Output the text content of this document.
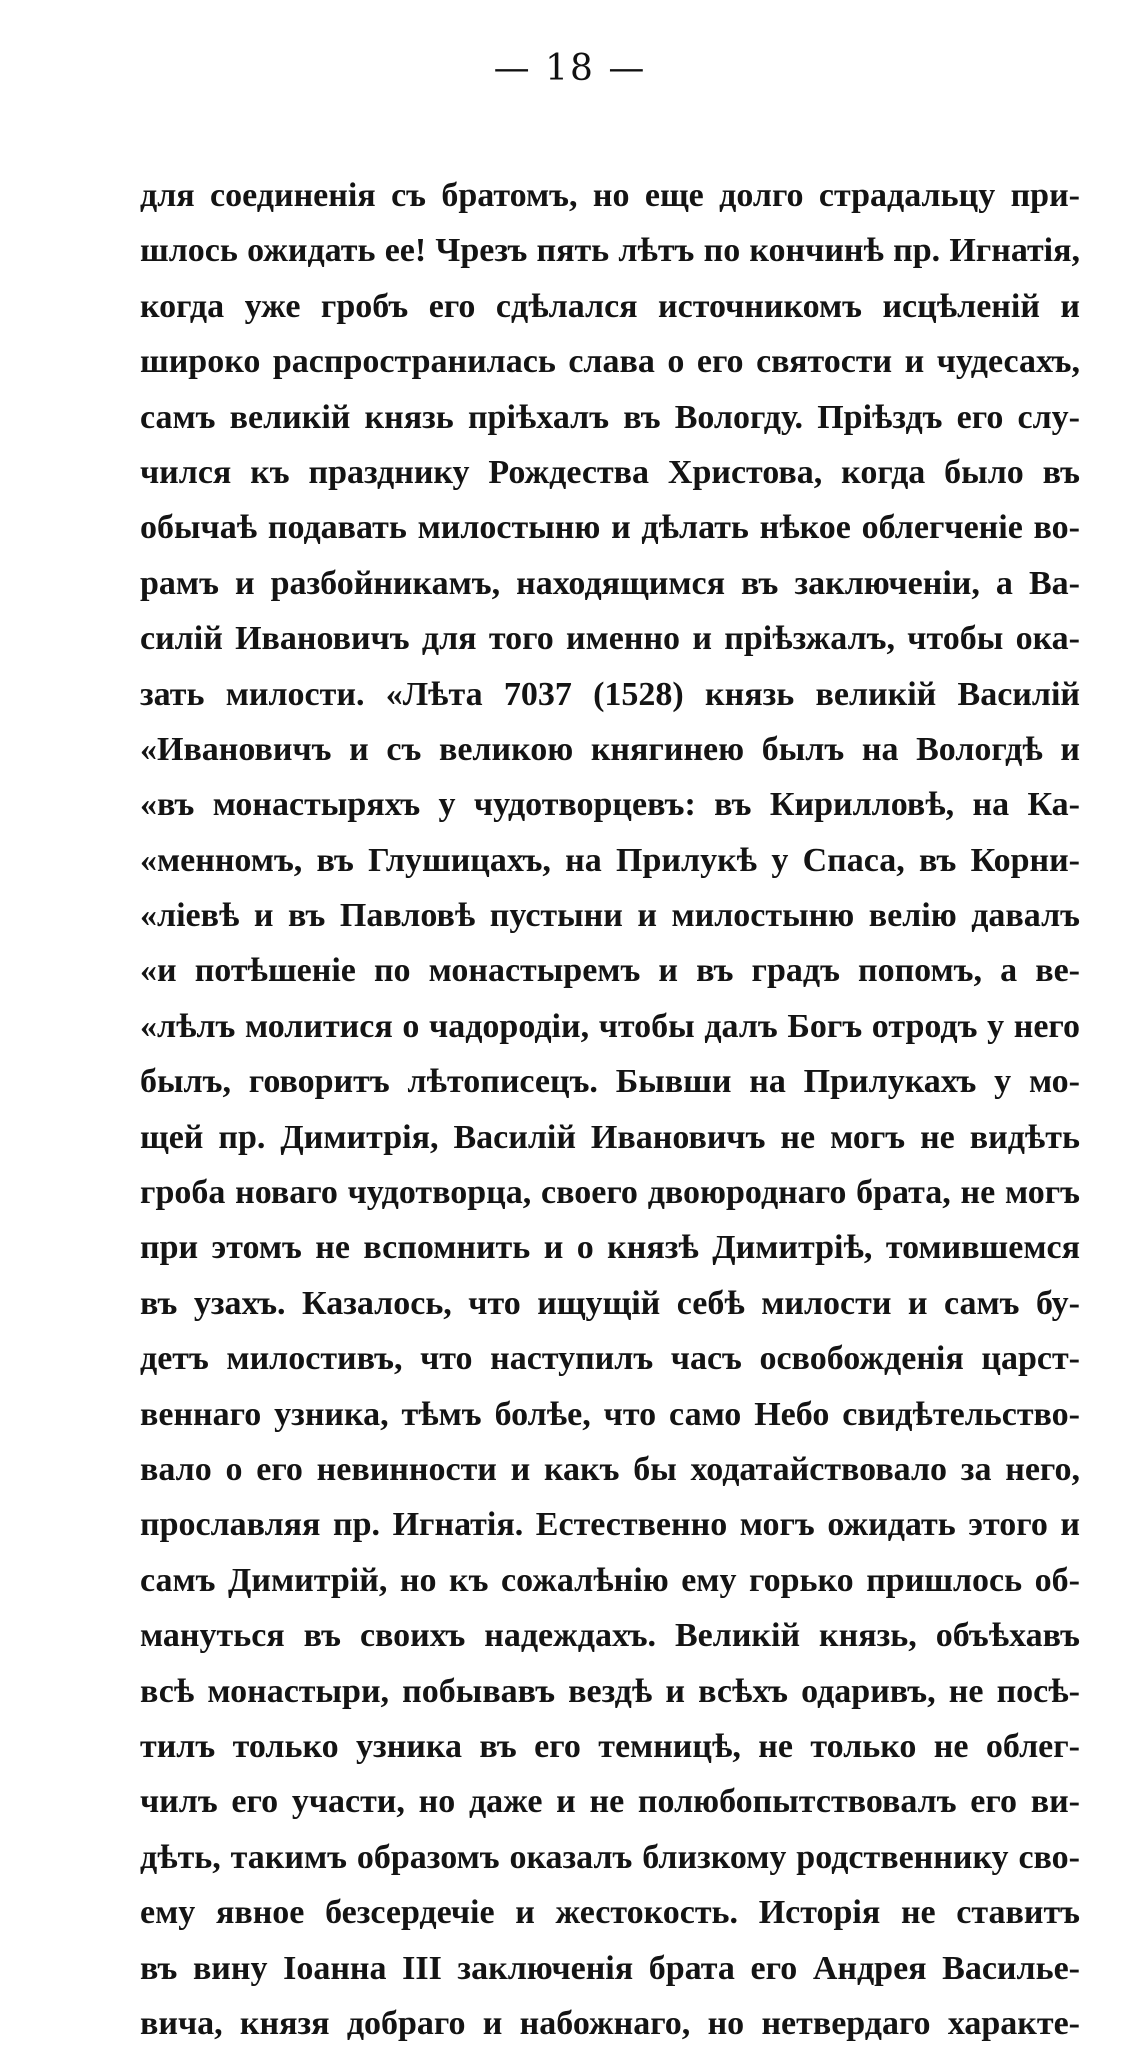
— 18 —
для соединенія съ братомъ, но еще долго страдальцу при-
шлось ожидать ее! Чрезъ пять лѣтъ по кончинѣ пр. Игнатія,
когда уже гробъ его сдѣлался источникомъ исцѣленій и
широко распространилась слава о его святости и чудесахъ,
самъ великій князь пріѣхалъ въ Вологду. Пріѣздъ его слу-
чился къ празднику Рождества Христова, когда было въ
обычаѣ подавать милостыню и дѣлать нѣкое облегченіе во-
рамъ и разбойникамъ, находящимся въ заключеніи, а Ва-
силій Ивановичъ для того именно и пріѣзжалъ, чтобы ока-
зать милости. «Лѣта 7037 (1528) князь великій Василій
«Ивановичъ и съ великою княгинею былъ на Вологдѣ и
«въ монастыряхъ у чудотворцевъ: въ Кирилловѣ, на Ка-
«менномъ, въ Глушицахъ, на Прилукѣ у Спаса, въ Корни-
«ліевѣ и въ Павловѣ пустыни и милостыню велію давалъ
«и потѣшеніе по монастыремъ и въ градъ попомъ, а ве-
«лѣлъ молитися о чадородіи, чтобы далъ Богъ отродъ у него
былъ, говоритъ лѣтописецъ. Бывши на Прилукахъ у мо-
щей пр. Димитрія, Василій Ивановичъ не могъ не видѣть
гроба новаго чудотворца, своего двоюроднаго брата, не могъ
при этомъ не вспомнить и о князѣ Димитріѣ, томившемся
въ узахъ. Казалось, что ищущій себѣ милости и самъ бу-
детъ милостивъ, что наступилъ часъ освобожденія царст-
веннаго узника, тѣмъ болѣе, что само Небо свидѣтельство-
вало о его невинности и какъ бы ходатайствовало за него,
прославляя пр. Игнатія. Естественно могъ ожидать этого и
самъ Димитрій, но къ сожалѣнію ему горько пришлось об-
мануться въ своихъ надеждахъ. Великій князь, объѣхавъ
всѣ монастыри, побывавъ вездѣ и всѣхъ одаривъ, не посѣ-
тилъ только узника въ его темницѣ, не только не облег-
чилъ его участи, но даже и не полюбопытствовалъ его ви-
дѣть, такимъ образомъ оказалъ близкому родственнику сво-
ему явное безсердечіе и жестокость. Исторія не ставитъ
въ вину Іоанна III заключенія брата его Андрея Василье-
вича, князя добраго и набожнаго, но нетвердаго характе-
